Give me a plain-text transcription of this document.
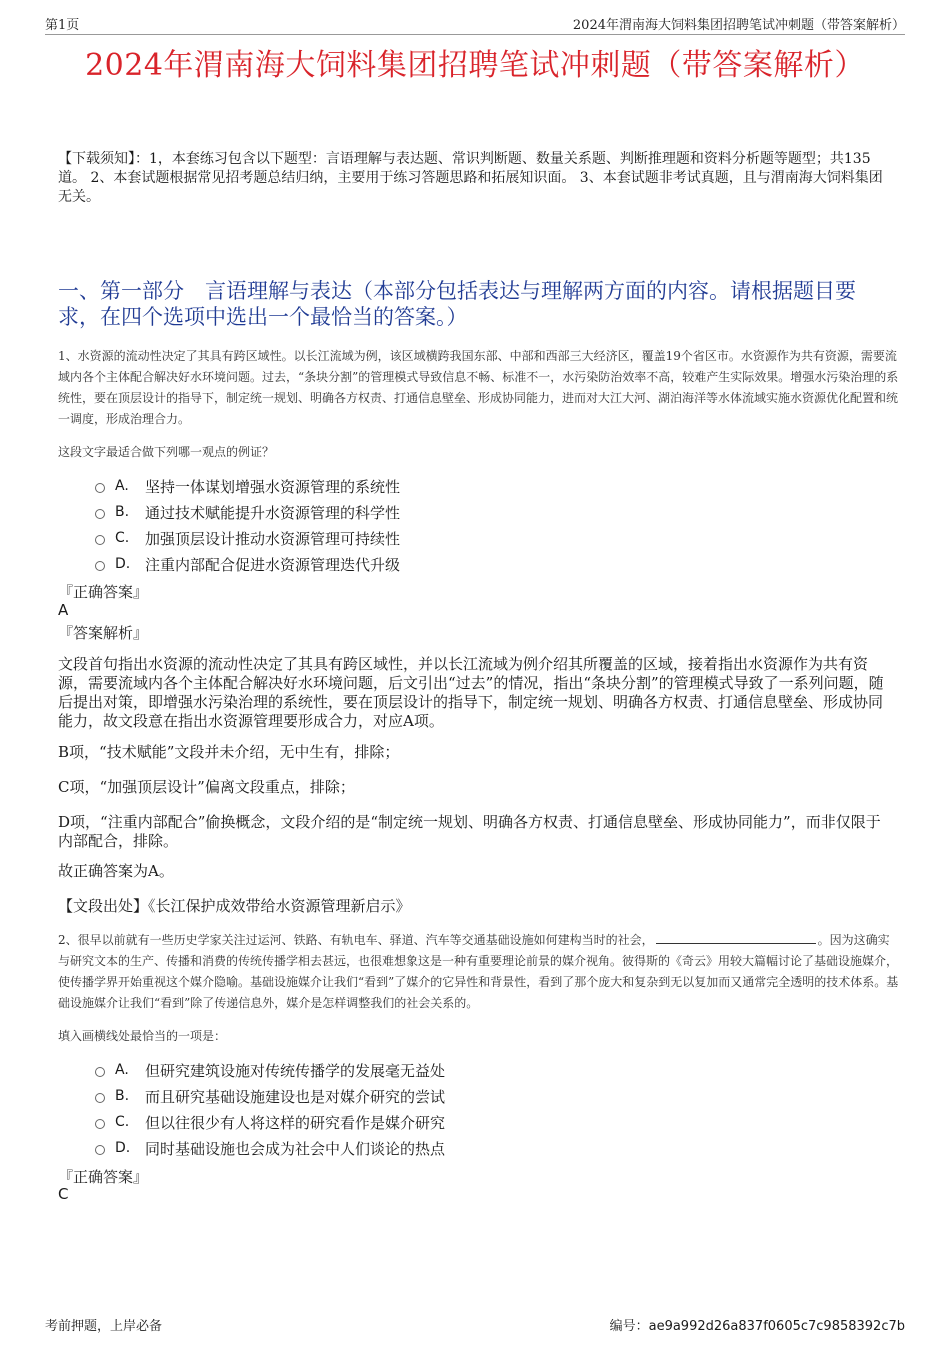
第1页	2024年渭南海大饲料集团招聘笔试冲刺题（带答案解析）
2024年渭南海大饲料集团招聘笔试冲刺题（带答案解析）
【下载须知】：1，本套练习包含以下题型：言语理解与表达题、常识判断题、数量关系题、判断推理题和资料分析题等题型；共135道。 2、本套试题根据常见招考题总结归纳，主要用于练习答题思路和拓展知识面。 3、本套试题非考试真题，且与渭南海大饲料集团无关。
一、第一部分　言语理解与表达（本部分包括表达与理解两方面的内容。请根据题目要求，在四个选项中选出一个最恰当的答案。）
1、水资源的流动性决定了其具有跨区域性。以长江流域为例，该区域横跨我国东部、中部和西部三大经济区，覆盖19个省区市。水资源作为共有资源，需要流域内各个主体配合解决好水环境问题。过去，“条块分割”的管理模式导致信息不畅、标准不一，水污染防治效率不高，较难产生实际效果。增强水污染治理的系统性，要在顶层设计的指导下，制定统一规划、明确各方权责、打通信息壁垒、形成协同能力，进而对大江大河、湖泊海洋等水体流域实施水资源优化配置和统一调度，形成治理合力。
这段文字最适合做下列哪一观点的例证？
A.	坚持一体谋划增强水资源管理的系统性
B.	通过技术赋能提升水资源管理的科学性
C.	加强顶层设计推动水资源管理可持续性
D. 注重内部配合促进水资源管理迭代升级
『正确答案』
A
『答案解析』
文段首句指出水资源的流动性决定了其具有跨区域性，并以长江流域为例介绍其所覆盖的区域，接着指出水资源作为共有资源，需要流域内各个主体配合解决好水环境问题，后文引出“过去”的情况，指出“条块分割”的管理模式导致了一系列问题，随后提出对策，即增强水污染治理的系统性，要在顶层设计的指导下，制定统一规划、明确各方权责、打通信息壁垒、形成协同能力，故文段意在指出水资源管理要形成合力，对应A项。
B项，“技术赋能”文段并未介绍，无中生有，排除；
C项，“加强顶层设计”偏离文段重点，排除；
D项，“注重内部配合”偷换概念，文段介绍的是“制定统一规划、明确各方权责、打通信息壁垒、形成协同能力”，而非仅限于内部配合，排除。
故正确答案为A。
【文段出处】《长江保护成效带给水资源管理新启示》
2、很早以前就有一些历史学家关注过运河、铁路、有轨电车、驿道、汽车等交通基础设施如何建构当时的社会，	。因为这确实与研究文本的生产、传播和消费的传统传播学相去甚远，也很难想象这是一种有重要理论前景的媒介视角。彼得斯的《奇云》用较大篇幅讨论了基础设施媒介，使传播学界开始重视这个媒介隐喻。基础设施媒介让我们“看到”了媒介的它异性和背景性，看到了那个庞大和复杂到无以复加而又通常完全透明的技术体系。基础设施媒介让我们“看到”除了传递信息外，媒介是怎样调整我们的社会关系的。
填入画横线处最恰当的一项是：
A.	但研究建筑设施对传统传播学的发展毫无益处
B.	而且研究基础设施建设也是对媒介研究的尝试
C.	但以往很少有人将这样的研究看作是媒介研究
D. 同时基础设施也会成为社会中人们谈论的热点
『正确答案』
C
考前押题，上岸必备	编号：ae9a992d26a837f0605c7c9858392c7b
